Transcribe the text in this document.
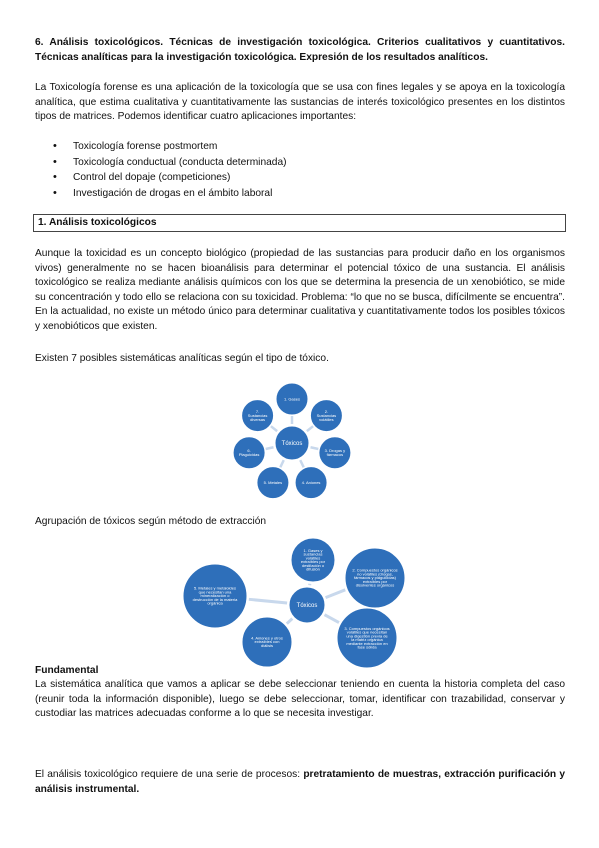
6. Análisis toxicológicos. Técnicas de investigación toxicológica. Criterios cualitativos y cuantitativos. Técnicas analíticas para la investigación toxicológica. Expresión de los resultados analíticos.

La Toxicología forense es una aplicación de la toxicología que se usa con fines legales y se apoya en la toxicología analítica, que estima cualitativa y cuantitativamente las sustancias de interés toxicológico presentes en los distintos tipos de matrices. Podemos identificar cuatro aplicaciones importantes:

• Toxicología forense postmortem
• Toxicología conductual (conducta determinada)
• Control del dopaje (competiciones)
• Investigación de drogas en el ámbito laboral
1. Análisis toxicológicos

Aunque la toxicidad es un concepto biológico (propiedad de las sustancias para producir daño en los organismos vivos) generalmente no se hacen bioanálisis para determinar el potencial tóxico de una sustancia. El análisis toxicológico se realiza mediante análisis químicos con los que se determina la presencia de un xenobiótico, se mide su concentración y todo ello se relaciona con su toxicidad. Problema: “lo que no se busca, difícilmente se encuentra”. En la actualidad, no existe un método único para determinar cualitativa y cuantitativamente todos los posibles tóxicos y xenobióticos que existen.

Existen 7 posibles sistemáticas analíticas según el tipo de tóxico.

1. Gases
2. Sustancias volátiles
3. Drogas y fármacos
4. Aniones
5. Metales
6. Plaguicidas
7. Sustancias diversas
Tóxicos

Agrupación de tóxicos según método de extracción

1. Gases y sustancias volátiles extraíbles por destilación o difusión	2. Compuestos orgánicos no volátiles (drogas, fármacos y plaguicidas) extraíbles por disolventes orgánicos
3. Compuestos orgánicos volátiles que necesitan una digestión previa de la matriz orgánica mediante extracción en fase sólida
4. Aniones y otros extraíbles con diálisis
5. Metales y metaloides que necesitan una mineralización o destrucción de la materia orgánica	Tóxicos

Fundamental

La sistemática analítica que vamos a aplicar se debe seleccionar teniendo en cuenta la historia completa del caso (reunir toda la información disponible), luego se debe seleccionar, tomar, identificar con trazabilidad, conservar y custodiar las matrices adecuadas conforme a lo que se necesita investigar.

El análisis toxicológico requiere de una serie de procesos: pretratamiento de muestras, extracción purificación y análisis instrumental.
